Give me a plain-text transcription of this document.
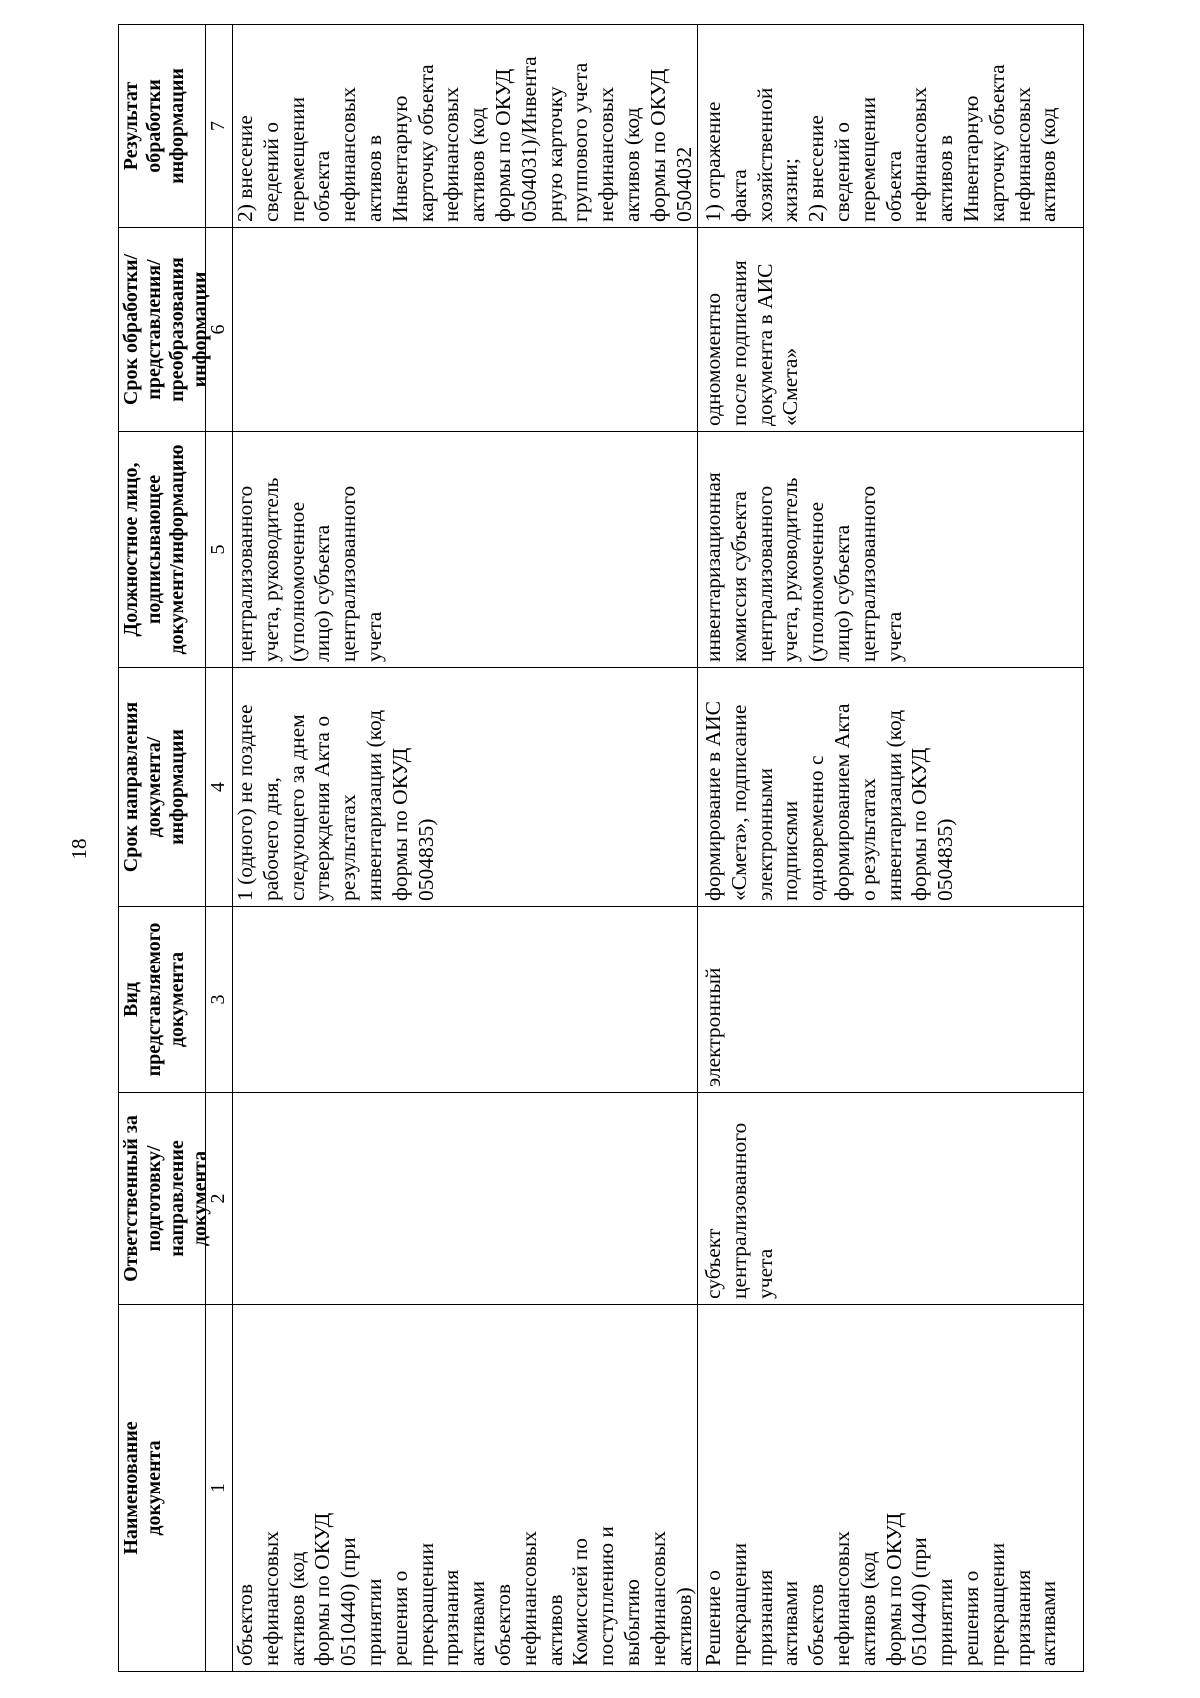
18
Наименование
документа
Ответственный за
подготовку/
направление
документа
Вид
представляемого
документа
Срок направления
документа/
информации
Должностное лицо,
подписывающее
документ/информацию
Срок обработки/
представления/
преобразования
информации
Результат
обработки
информации
1
2
3
4
5
6
7
объектов
нефинансовых
активов (код
формы по ОКУД
0510440) (при
принятии
решения о
прекращении
признания
активами
объектов
нефинансовых
активов
Комиссией по
поступлению и
выбытию
нефинансовых
активов)
1 (одного) не позднее
рабочего дня,
следующего за днем
утверждения Акта о
результатах
инвентаризации (код
формы по ОКУД
0504835)
централизованного
учета, руководитель
(уполномоченное
лицо) субъекта
централизованного
учета
2) внесение
сведений о
перемещении
объекта
нефинансовых
активов в
Инвентарную
карточку объекта
нефинансовых
активов (код
формы по ОКУД
0504031)/Инвента
рную карточку
группового учета
нефинансовых
активов (код
формы по ОКУД
0504032
Решение о
прекращении
признания
активами
объектов
нефинансовых
активов (код
формы по ОКУД
0510440) (при
принятии
решения о
прекращении
признания
активами
субъект
централизованного
учета
электронный
формирование в АИС
«Смета», подписание
электронными
подписями
одновременно с
формированием Акта
о результатах
инвентаризации (код
формы по ОКУД
0504835)
инвентаризационная
комиссия субъекта
централизованного
учета, руководитель
(уполномоченное
лицо) субъекта
централизованного
учета
одномоментно
после подписания
документа в АИС
«Смета»
1) отражение
факта
хозяйственной
жизни;
2) внесение
сведений о
перемещении
объекта
нефинансовых
активов в
Инвентарную
карточку объекта
нефинансовых
активов (код
